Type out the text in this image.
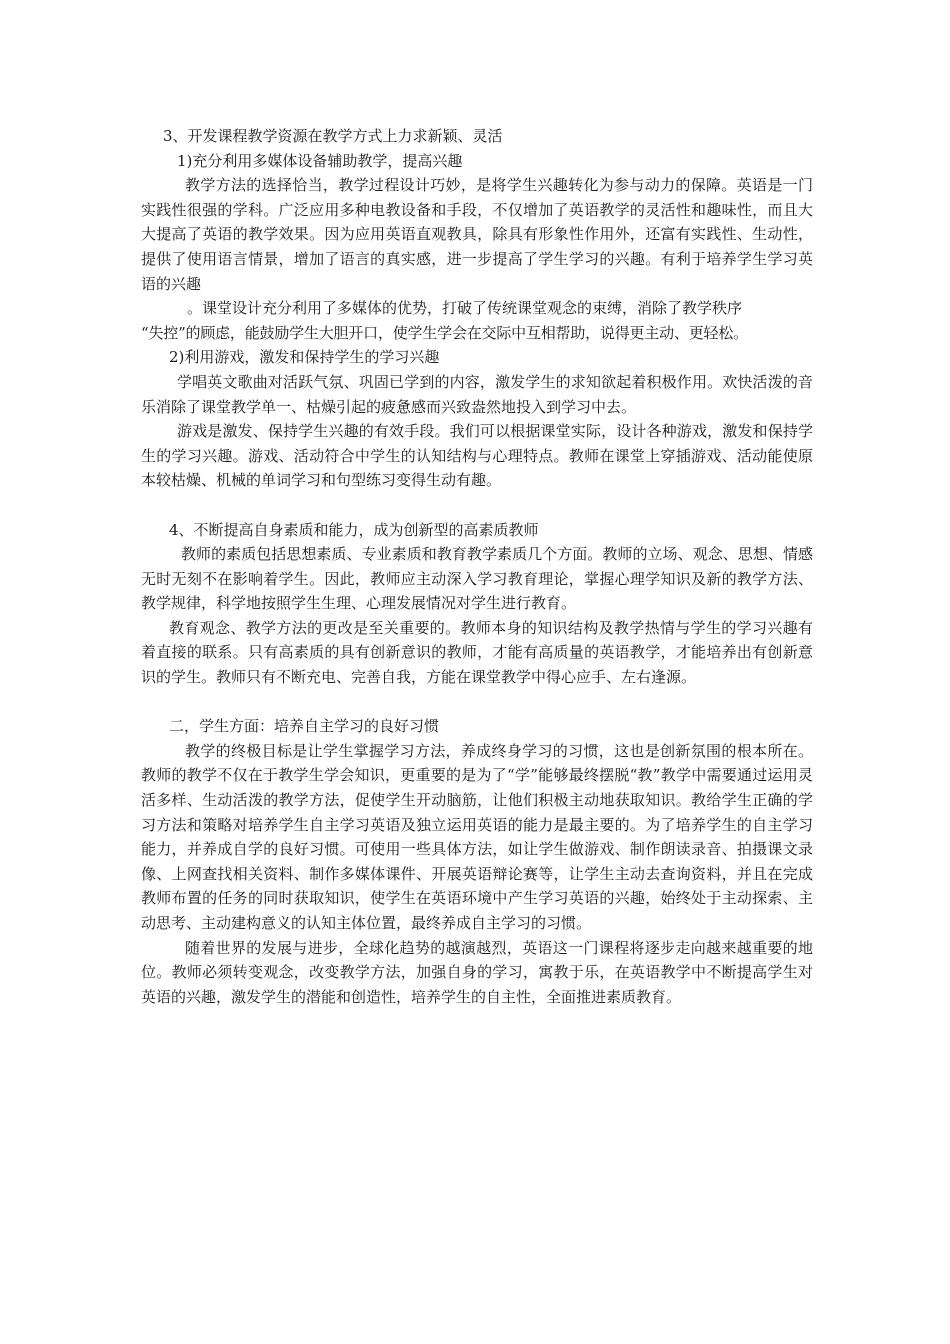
3、开发课程教学资源在教学方式上力求新颖、灵活

1)充分利用多媒体设备辅助教学，提高兴趣

教学方法的选择恰当，教学过程设计巧妙，是将学生兴趣转化为参与动力的保障。英语是一门实践性很强的学科。广泛应用多种电教设备和手段，不仅增加了英语教学的灵活性和趣味性，而且大大提高了英语的教学效果。因为应用英语直观教具，除具有形象性作用外，还富有实践性、生动性，提供了使用语言情景，增加了语言的真实感，进一步提高了学生学习的兴趣。有利于培养学生学习英语的兴趣

。课堂设计充分利用了多媒体的优势，打破了传统课堂观念的束缚，消除了教学秩序

“失控”的顾虑，能鼓励学生大胆开口，使学生学会在交际中互相帮助，说得更主动、更轻松。

2)利用游戏，激发和保持学生的学习兴趣

学唱英文歌曲对活跃气氛、巩固已学到的内容，激发学生的求知欲起着积极作用。欢快活泼的音乐消除了课堂教学单一、枯燥引起的疲惫感而兴致盎然地投入到学习中去。

游戏是激发、保持学生兴趣的有效手段。我们可以根据课堂实际，设计各种游戏，激发和保持学生的学习兴趣。游戏、活动符合中学生的认知结构与心理特点。教师在课堂上穿插游戏、活动能使原本较枯燥、机械的单词学习和句型练习变得生动有趣。

4、不断提高自身素质和能力，成为创新型的高素质教师

教师的素质包括思想素质、专业素质和教育教学素质几个方面。教师的立场、观念、思想、情感无时无刻不在影响着学生。因此，教师应主动深入学习教育理论，掌握心理学知识及新的教学方法、教学规律，科学地按照学生生理、心理发展情况对学生进行教育。

教育观念、教学方法的更改是至关重要的。教师本身的知识结构及教学热情与学生的学习兴趣有着直接的联系。只有高素质的具有创新意识的教师，才能有高质量的英语教学，才能培养出有创新意识的学生。教师只有不断充电、完善自我，方能在课堂教学中得心应手、左右逢源。

二，学生方面：培养自主学习的良好习惯

教学的终极目标是让学生掌握学习方法，养成终身学习的习惯，这也是创新氛围的根本所在。教师的教学不仅在于教学生学会知识，更重要的是为了“学”能够最终摆脱“教”教学中需要通过运用灵活多样、生动活泼的教学方法，促使学生开动脑筋，让他们积极主动地获取知识。教给学生正确的学习方法和策略对培养学生自主学习英语及独立运用英语的能力是最主要的。为了培养学生的自主学习能力，并养成自学的良好习惯。可使用一些具体方法，如让学生做游戏、制作朗读录音、拍摄课文录像、上网查找相关资料、制作多媒体课件、开展英语辩论赛等，让学生主动去查询资料，并且在完成教师布置的任务的同时获取知识，使学生在英语环境中产生学习英语的兴趣，始终处于主动探索、主动思考、主动建构意义的认知主体位置，最终养成自主学习的习惯。

随着世界的发展与进步，全球化趋势的越演越烈，英语这一门课程将逐步走向越来越重要的地位。教师必须转变观念，改变教学方法，加强自身的学习，寓教于乐，在英语教学中不断提高学生对英语的兴趣，激发学生的潜能和创造性，培养学生的自主性，全面推进素质教育。
